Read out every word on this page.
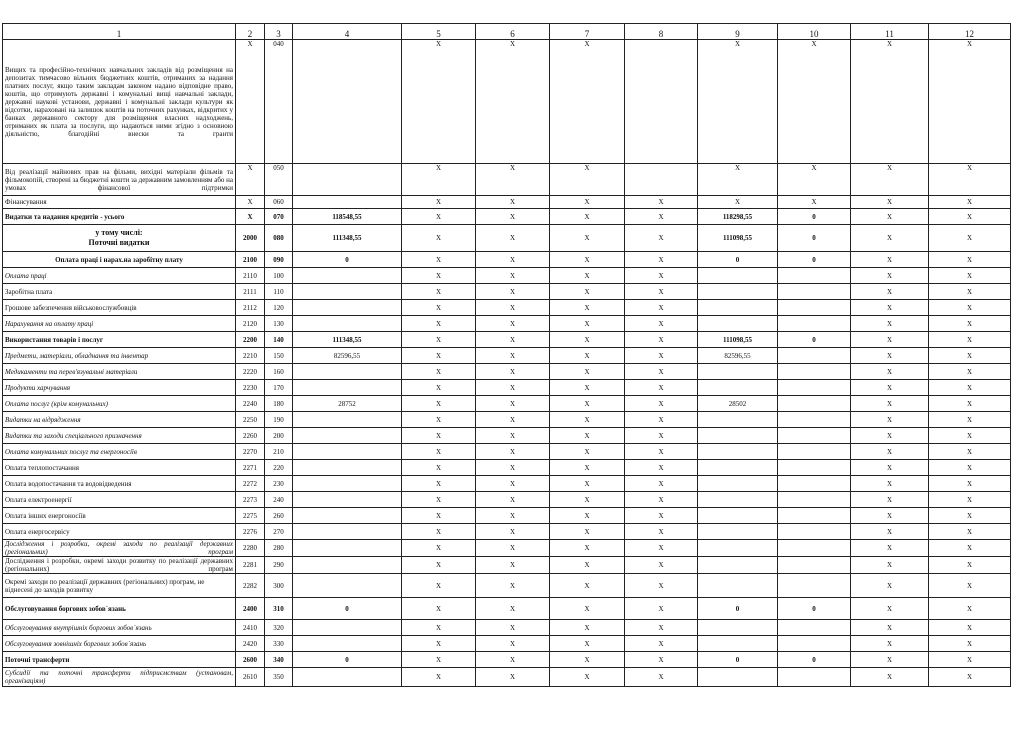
1	2	3	4	5	6	7	8	9	10	11	12
Вищих та професійно-технічних навчальних закладів від розміщення на депозитах тимчасово вільних бюджетних коштів, отриманих за надання платних послуг, якщо таким закладам законом надано відповідне право, коштів, що отримують державні і комунальні вищі навчальні заклади, державні наукові установи, державні і комунальні заклади культури як відсотки, нараховані на залишок коштів на поточних рахунках, відкритих у банках державного сектору для розміщення власних надходжень, отриманих як плата за послуги, що надаються ними згідно з основною діяльністю, благодійні внески та гранти	X	040		X	X	X		X	X	X	X
Від реалізації майнових прав на фільми, вихідні матеріали фільмів та фільмокопій, створені за бюджетні кошти за державним замовленням або на умовах фінансової підтримки	X	050		X	X	X		X	X	X	X
Фінансування	X	060		X	X	X	X	X	X	X	X
Видатки та надання кредитів - усього	X	070	118548,55	X	X	X	X	118298,55	0	X	X

у тому числі:
Поточні видатки	2000	080	111348,55	X	X	X	X	111098,55	0	X	X
Оплата праці і нарах.на заробітну плату	2100	090	0	X	X	X	X	0	0	X	X
Оплата праці	2110	100		X	X	X	X			X	X
Заробітна плата	2111	110		X	X	X	X			X	X
Грошове забезпечення військовослужбовців	2112	120		X	X	X	X			X	X
Нарахування на оплату праці	2120	130		X	X	X	X			X	X
Використання товарів і послуг	2200	140	111348,55	X	X	X	X	111098,55	0	X	X
Предмети, матеріали, обладнання та інвентар	2210	150	82596,55	X	X	X	X	82596,55		X	X
Медикаменти та перев'язувальні матеріали	2220	160		X	X	X	X			X	X
Продукти харчування	2230	170		X	X	X	X			X	X
Оплата послуг (крім комунальних)	2240	180	28752	X	X	X	X	28502		X	X
Видатки на відрядження	2250	190		X	X	X	X			X	X
Видатки та заходи спеціального призначення	2260	200		X	X	X	X			X	X
Оплата комунальних послуг та енергоносіїв	2270	210		X	X	X	X			X	X
Оплата теплопостачання	2271	220		X	X	X	X			X	X
Оплата водопостачання та водовідведення	2272	230		X	X	X	X			X	X
Оплата електроенергії	2273	240		X	X	X	X			X	X
Оплата інших енергоносіїв	2275	260		X	X	X	X			X	X
Оплата енергосервісу	2276	270		X	X	X	X			X	X
Дослідження і розробки, окремі заходи по реалізації державних (регіональних) програм	2280	280		X	X	X	X			X	X
Дослідження і розробки, окремі заходи розвитку по реалізації державних (регіональних) програм	2281	290		X	X	X	X			X	X
Окремі заходи по реалізації державних (регіональних) програм, не віднесені до заходів розвитку	2282	300		X	X	X	X			X	X
Обслуговування боргових зобов`язань	2400	310	0	X	X	X	X	0	0	X	X
Обслуговування внутрішніх боргових зобов`язань	2410	320		X	X	X	X			X	X
Обслуговування зовнішніх боргових зобов`язань	2420	330		X	X	X	X			X	X
Поточні трансферти	2600	340	0	X	X	X	X	0	0	X	X
Субсидії та поточні трансферти підприємствам (установам, організаціям)	2610	350		X	X	X	X			X	X
